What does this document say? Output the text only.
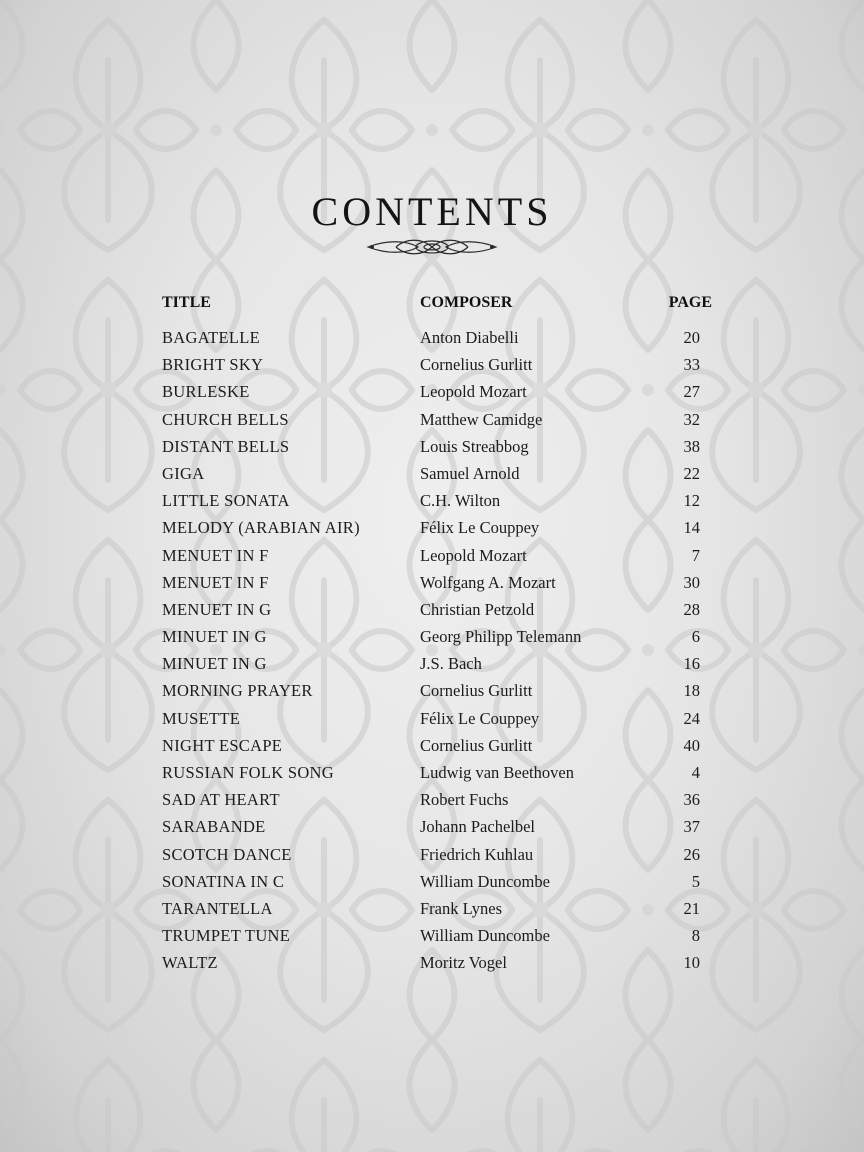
CONTENTS
TITLE	COMPOSER	PAGE
BAGATELLE	Anton Diabelli	20
BRIGHT SKY	Cornelius Gurlitt	33
BURLESKE	Leopold Mozart	27
CHURCH BELLS	Matthew Camidge	32
DISTANT BELLS	Louis Streabbog	38
GIGA	Samuel Arnold	22
LITTLE SONATA	C.H. Wilton	12
MELODY (ARABIAN AIR)	Félix Le Couppey	14
MENUET IN F	Leopold Mozart	7
MENUET IN F	Wolfgang A. Mozart	30
MENUET IN G	Christian Petzold	28
MINUET IN G	Georg Philipp Telemann	6
MINUET IN G	J.S. Bach	16
MORNING PRAYER	Cornelius Gurlitt	18
MUSETTE	Félix Le Couppey	24
NIGHT ESCAPE	Cornelius Gurlitt	40
RUSSIAN FOLK SONG	Ludwig van Beethoven	4
SAD AT HEART	Robert Fuchs	36
SARABANDE	Johann Pachelbel	37
SCOTCH DANCE	Friedrich Kuhlau	26
SONATINA IN C	William Duncombe	5
TARANTELLA	Frank Lynes	21
TRUMPET TUNE	William Duncombe	8
WALTZ	Moritz Vogel	10
